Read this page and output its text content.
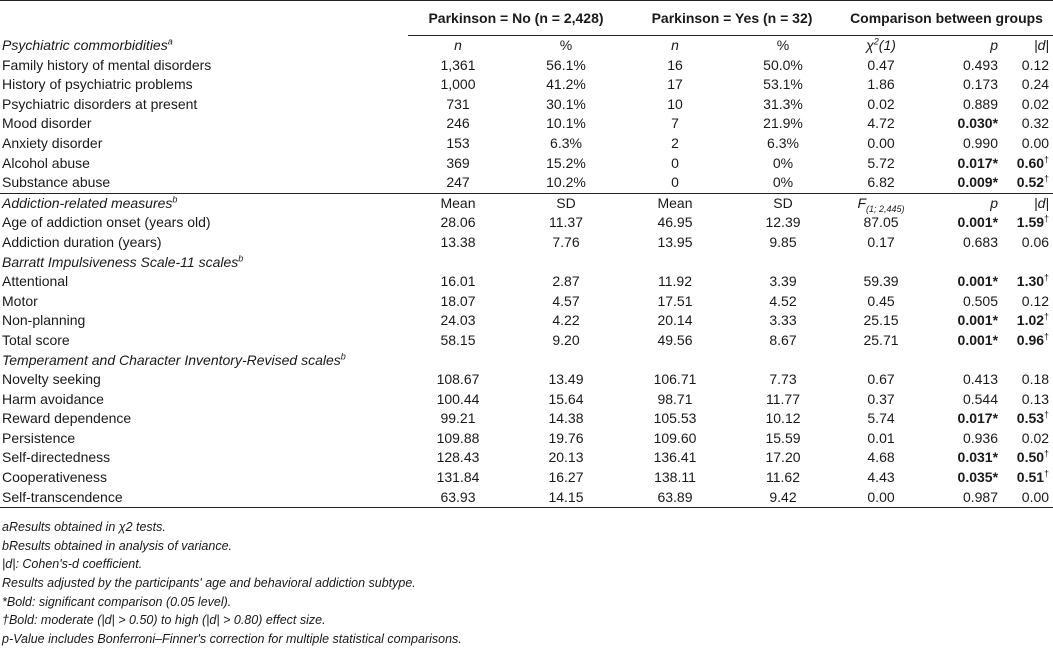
	Parkinson = No (n = 2,428)		Parkinson = Yes (n = 32)		Comparison between groups		
Psychiatric commorbidities$^a$	n	%	n	%	$\chi^2(1)$	p	|d|
Family history of mental disorders	1,361	56.1%	16	50.0%	0.47	0.493	0.12
History of psychiatric problems	1,000	41.2%	17	53.1%	1.86	0.173	0.24
Psychiatric disorders at present	731	30.1%	10	31.3%	0.02	0.889	0.02
Mood disorder	246	10.1%	7	21.9%	4.72	0.030*	0.32
Anxiety disorder	153	6.3%	2	6.3%	0.00	0.990	0.00
Alcohol abuse	369	15.2%	0	0%	5.72	0.017*	0.60†
Substance abuse	247	10.2%	0	0%	6.82	0.009*	0.52†
Addiction-related measures$^b$	Mean	SD	Mean	SD	$F_{(1; 2,445)}$	p	|d|
Age of addiction onset (years old)	28.06	11.37	46.95	12.39	87.05	0.001*	1.59†
Addiction duration (years)	13.38	7.76	13.95	9.85	0.17	0.683	0.06
Barratt Impulsiveness Scale-11 scales$^b$							
Attentional	16.01	2.87	11.92	3.39	59.39	0.001*	1.30†
Motor	18.07	4.57	17.51	4.52	0.45	0.505	0.12
Non-planning	24.03	4.22	20.14	3.33	25.15	0.001*	1.02†
Total score	58.15	9.20	49.56	8.67	25.71	0.001*	0.96†
Temperament and Character Inventory-Revised scales$^b$							
Novelty seeking	108.67	13.49	106.71	7.73	0.67	0.413	0.18
Harm avoidance	100.44	15.64	98.71	11.77	0.37	0.544	0.13
Reward dependence	99.21	14.38	105.53	10.12	5.74	0.017*	0.53†
Persistence	109.88	19.76	109.60	15.59	0.01	0.936	0.02
Self-directedness	128.43	20.13	136.41	17.20	4.68	0.031*	0.50†
Cooperativeness	131.84	16.27	138.11	11.62	4.43	0.035*	0.51†
Self-transcendence	63.93	14.15	63.89	9.42	0.00	0.987	0.00
aResults obtained in χ2 tests.
bResults obtained in analysis of variance.
|d|: Cohen's-d coefficient.
Results adjusted by the participants' age and behavioral addiction subtype.
*Bold: significant comparison (0.05 level).
†Bold: moderate (|d| > 0.50) to high (|d| > 0.80) effect size.
p-Value includes Bonferroni–Finner's correction for multiple statistical comparisons.
